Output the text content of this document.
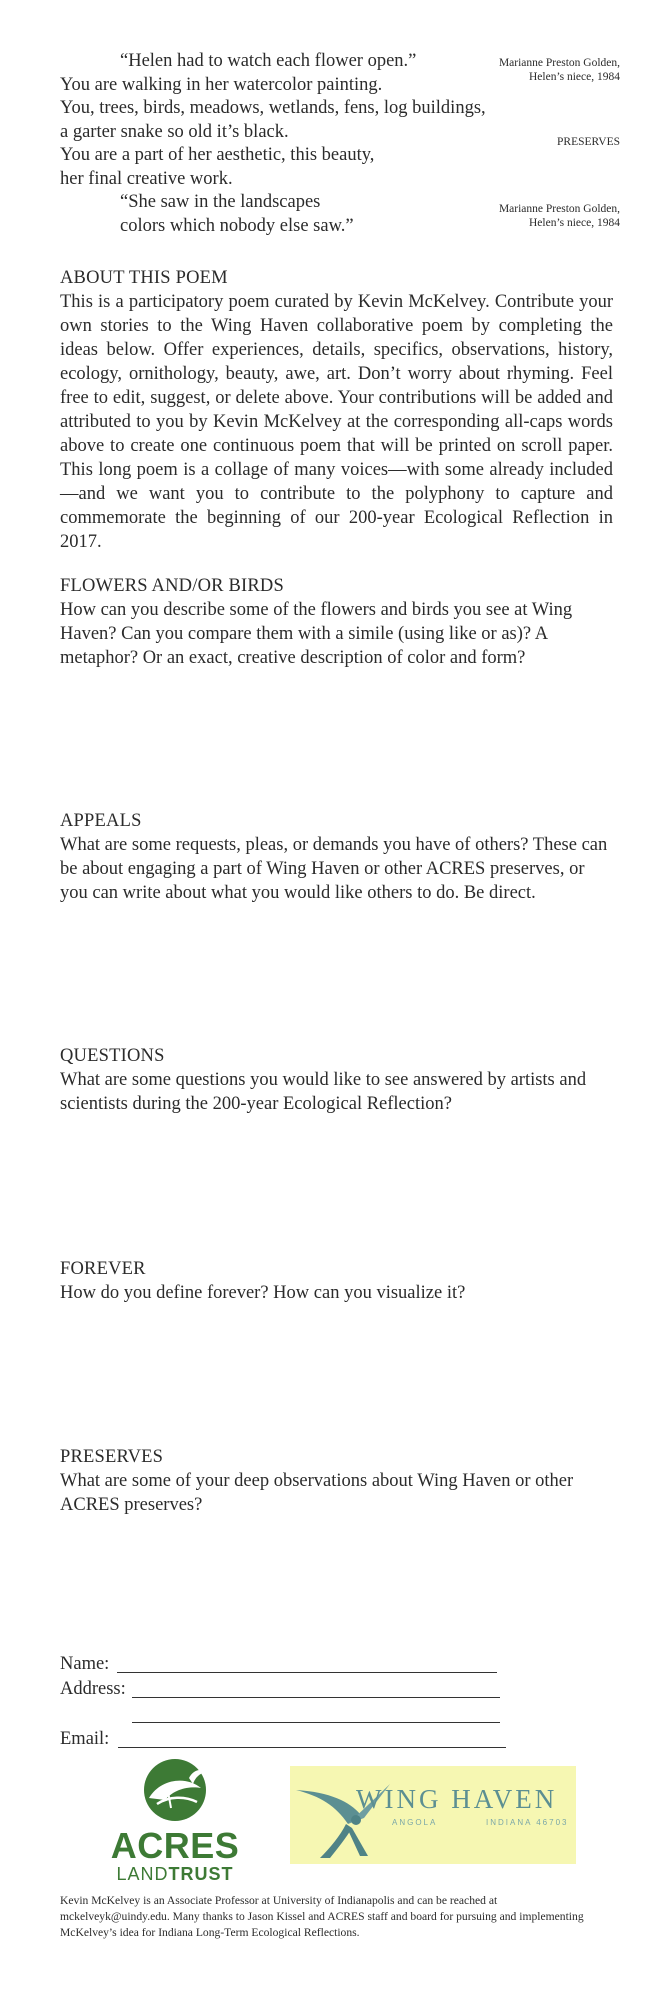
“Helen had to watch each flower open.”
You are walking in her watercolor painting.
You, trees, birds, meadows, wetlands, fens, log buildings,
a garter snake so old it’s black.
You are a part of her aesthetic, this beauty,
her final creative work.
“She saw in the landscapes
colors which nobody else saw.”
Marianne Preston Golden,
Helen’s niece, 1984
PRESERVES
Marianne Preston Golden,
Helen’s niece, 1984
ABOUT THIS POEM
This is a participatory poem curated by Kevin McKelvey. Contribute your own stories to the Wing Haven collaborative poem by completing the ideas below. Offer experiences, details, specifics, observations, history, ecology, ornithology, beauty, awe, art. Don’t worry about rhyming. Feel free to edit, suggest, or delete above. Your contributions will be added and attributed to you by Kevin McKelvey at the corresponding all-caps words above to create one continuous poem that will be printed on scroll paper. This long poem is a collage of many voices—with some already included—and we want you to contribute to the polyphony to capture and commemorate the beginning of our 200-year Ecological Reflection in 2017.
FLOWERS AND/OR BIRDS
How can you describe some of the flowers and birds you see at Wing Haven? Can you compare them with a simile (using like or as)? A metaphor? Or an exact, creative description of color and form?
APPEALS
What are some requests, pleas, or demands you have of others? These can be about engaging a part of Wing Haven or other ACRES preserves, or you can write about what you would like others to do. Be direct.
QUESTIONS
What are some questions you would like to see answered by artists and scientists during the 200-year Ecological Reflection?
FOREVER
How do you define forever? How can you visualize it?
PRESERVES
What are some of your deep observations about Wing Haven or other ACRES preserves?
Name:
Address:
Email:
ACRES
LANDTRUST
WING HAVEN
ANGOLA	INDIANA 46703
Kevin McKelvey is an Associate Professor at University of Indianapolis and can be reached at mckelveyk@uindy.edu. Many thanks to Jason Kissel and ACRES staff and board for pursuing and implementing McKelvey’s idea for Indiana Long-Term Ecological Reflections.
